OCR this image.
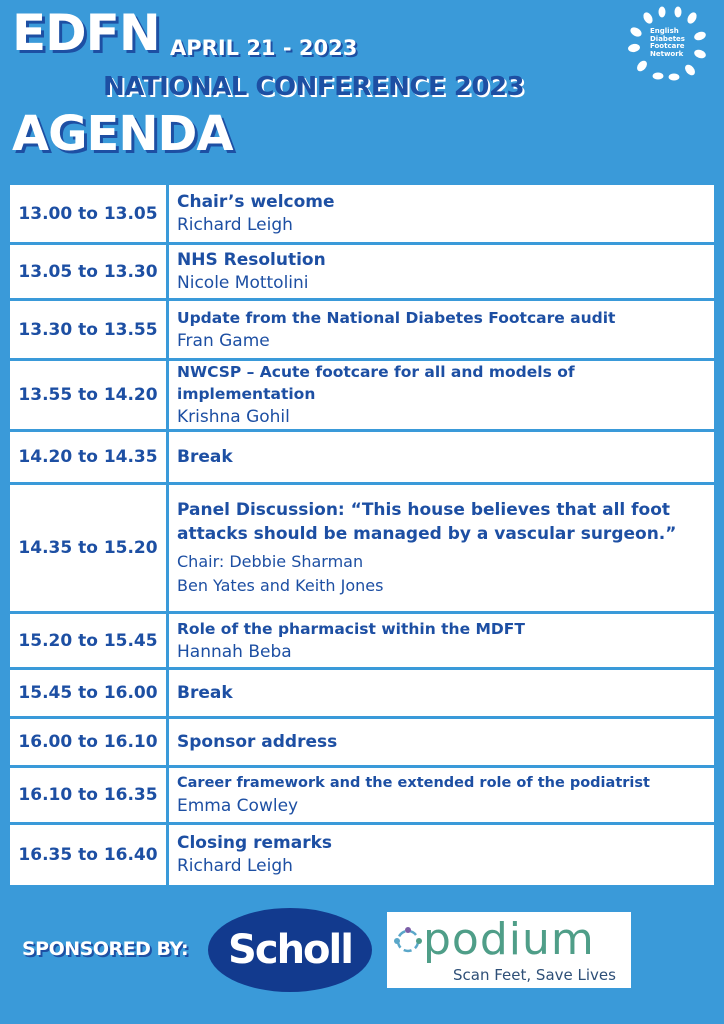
EDFN APRIL 21 - 2023
NATIONAL CONFERENCE 2023
AGENDA
English
Diabetes
Footcare
Network
13.00 to 13.05	Chair’s welcome
Richard Leigh

13.05 to 13.30	NHS Resolution
Nicole Mottolini

13.30 to 13.55	Update from the National Diabetes Footcare audit
Fran Game

13.55 to 14.20	NWCSP – Acute footcare for all and models of implementation
Krishna Gohil

14.20 to 14.35	Break

14.35 to 15.20	Panel Discussion: “This house believes that all foot attacks should be managed by a vascular surgeon.”
Chair: Debbie Sharman
Ben Yates and Keith Jones

15.20 to 15.45	Role of the pharmacist within the MDFT
Hannah Beba

15.45 to 16.00	Break

16.00 to 16.10	Sponsor address

16.10 to 16.35	Career framework and the extended role of the podiatrist
Emma Cowley

16.35 to 16.40	Closing remarks
Richard Leigh
SPONSORED BY: Scholl podium
Scan Feet, Save Lives
